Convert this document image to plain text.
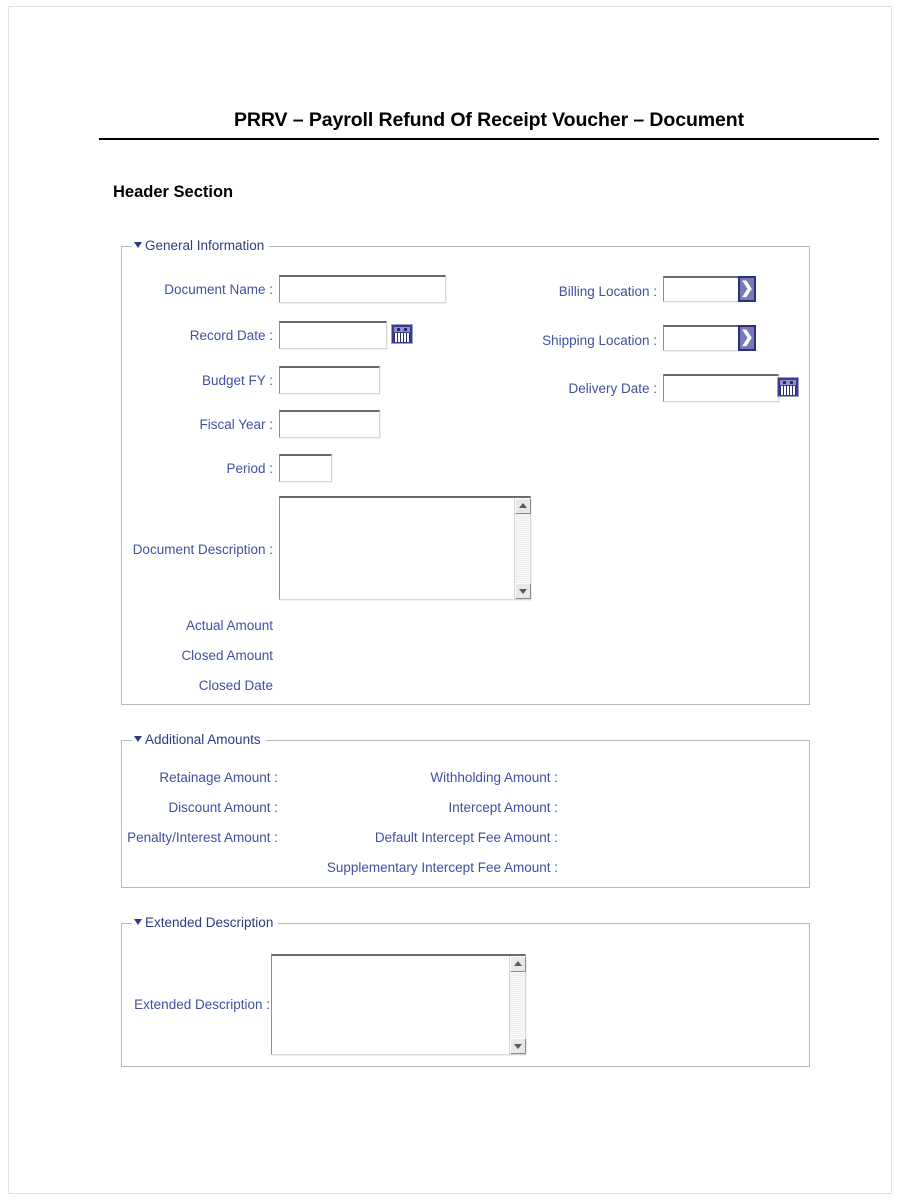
PRRV – Payroll Refund Of Receipt Voucher – Document
Header Section
General Information
Document Name :
Record Date :
Budget FY :
Fiscal Year :
Period :
Billing Location :	❯
Shipping Location :	❯
Delivery Date :
Document Description :
Actual Amount
Closed Amount
Closed Date
Additional Amounts
Retainage Amount :
Discount Amount :
Penalty/Interest Amount :
Withholding Amount :
Intercept Amount :
Default Intercept Fee Amount :
Supplementary Intercept Fee Amount :
Extended Description
Extended Description :
